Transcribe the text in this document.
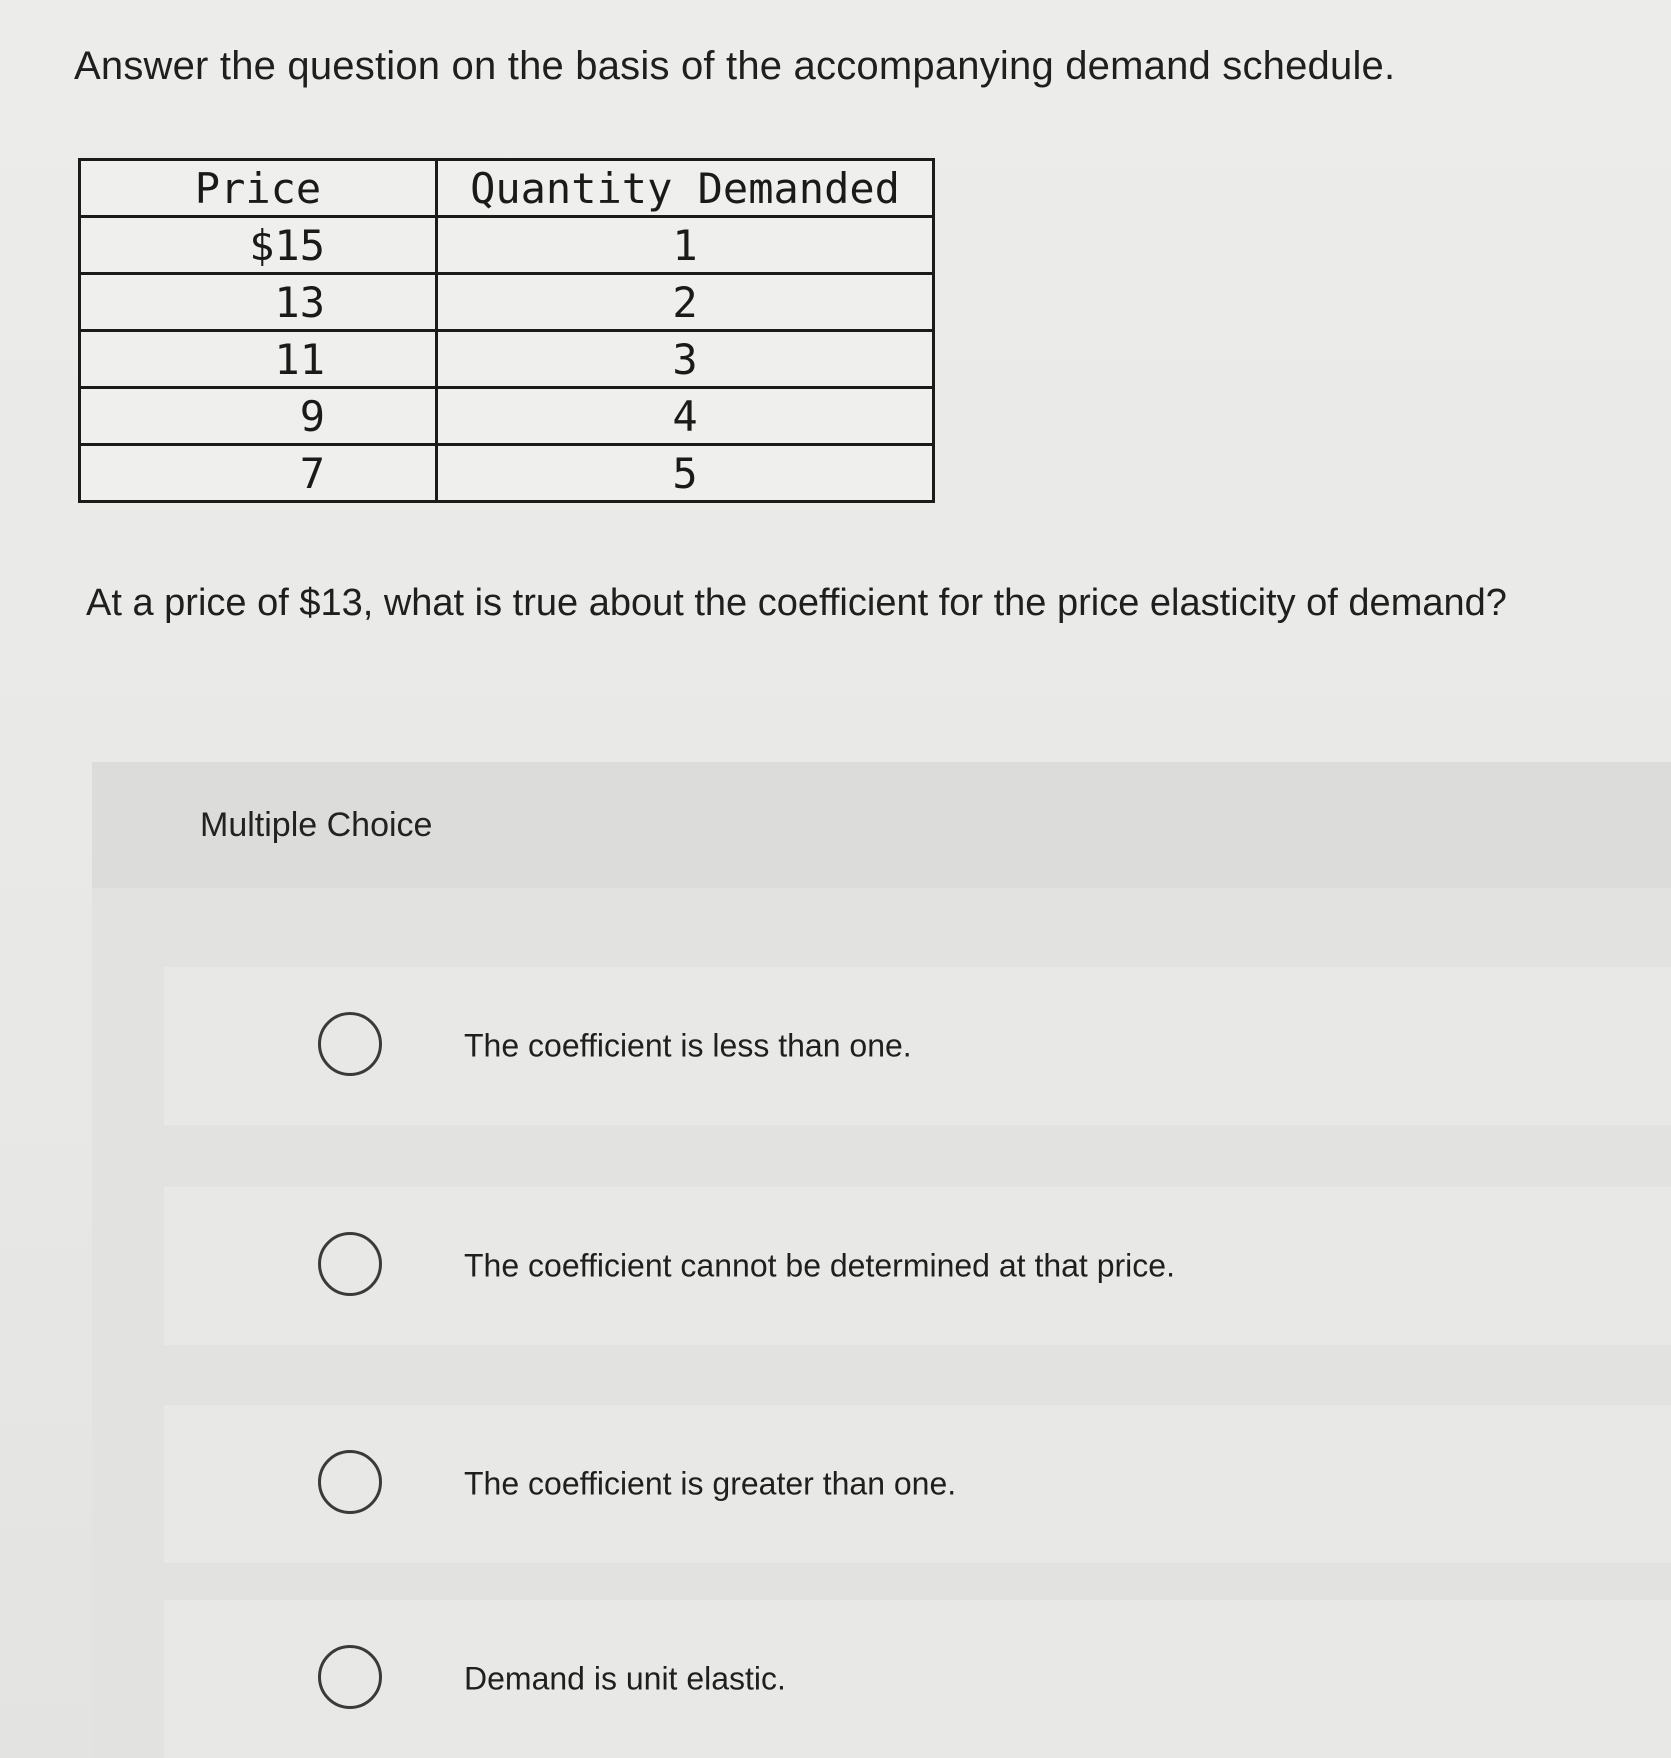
Answer the question on the basis of the accompanying demand schedule.
Price	Quantity Demanded
$15	1
13	2
11	3
9	4
7	5
At a price of $13, what is true about the coefficient for the price elasticity of demand?
Multiple Choice
The coefficient is less than one.
The coefficient cannot be determined at that price.
The coefficient is greater than one.
Demand is unit elastic.
